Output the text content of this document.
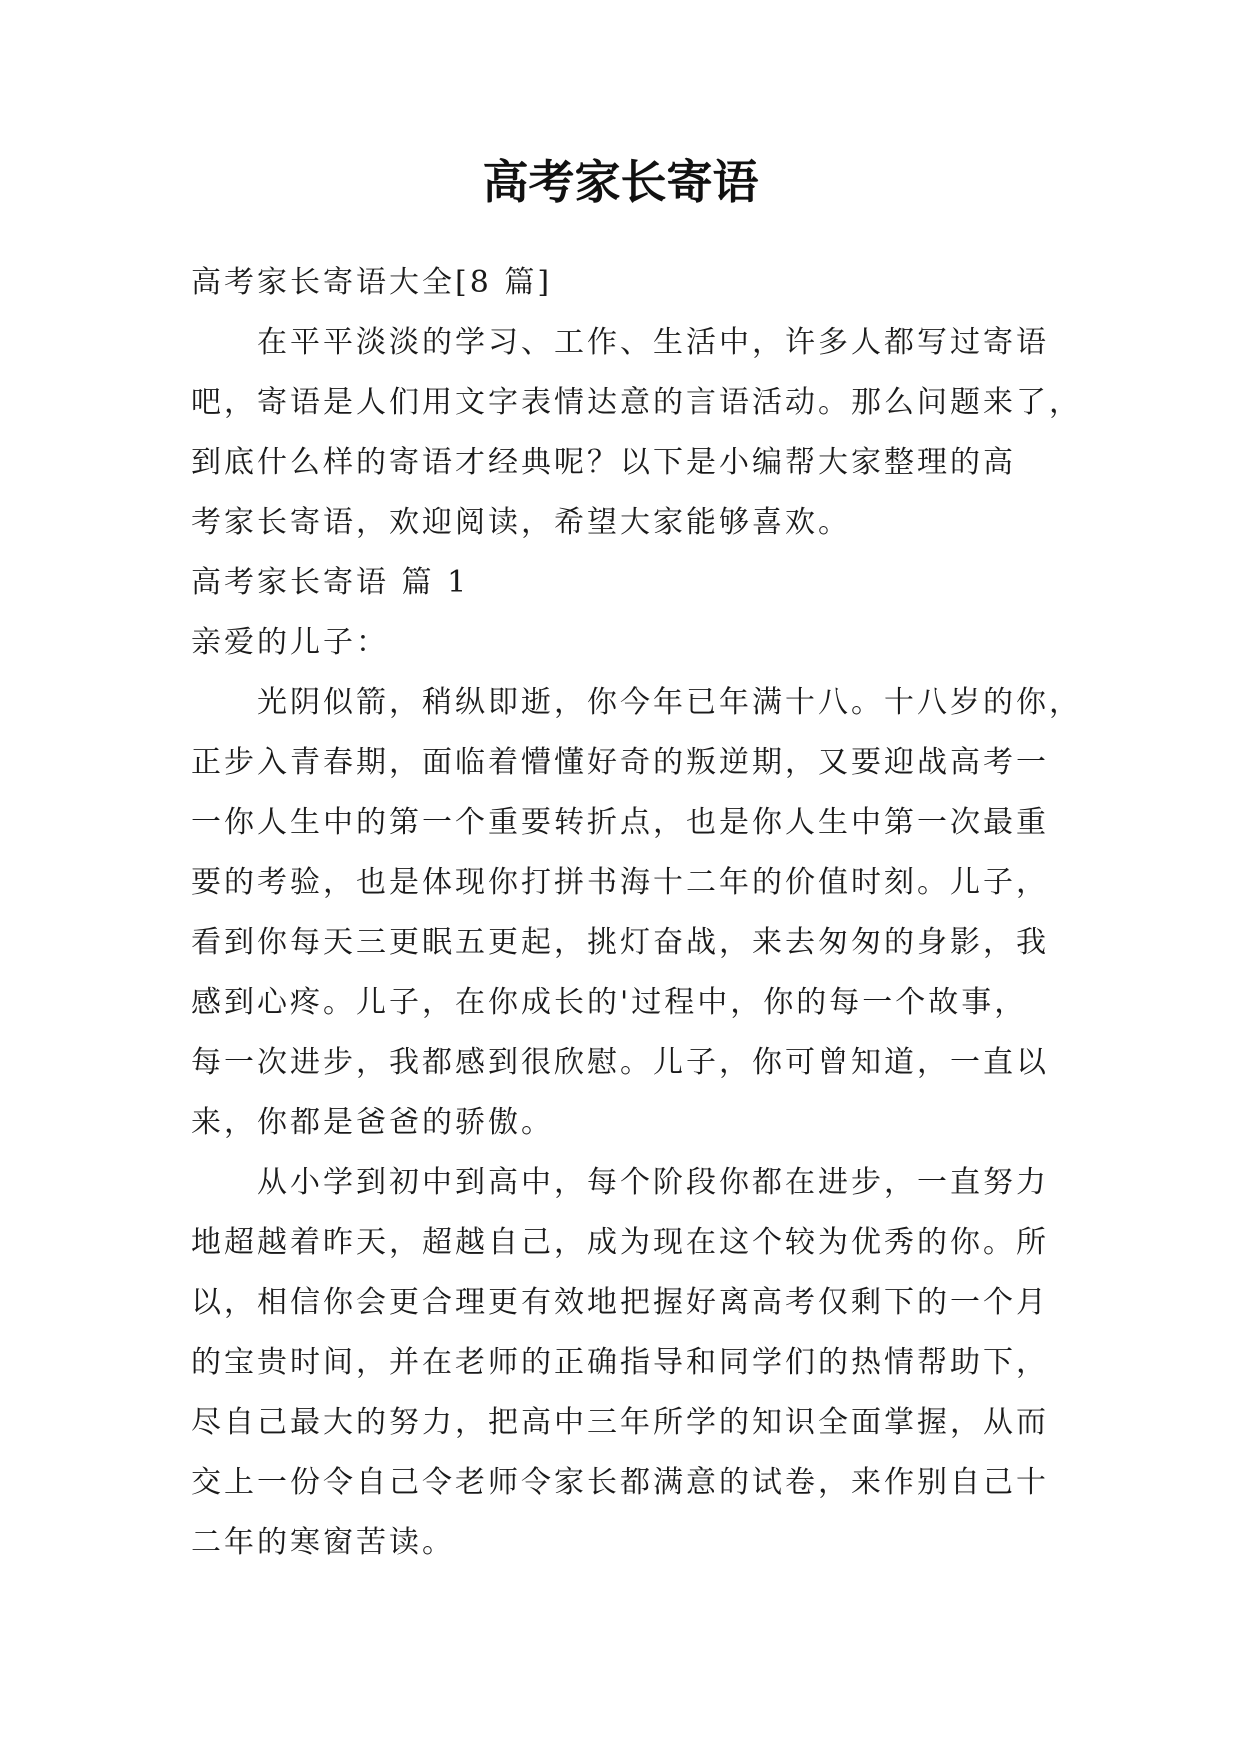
高考家长寄语

高考家长寄语大全[8 篇]

在平平淡淡的学习、工作、生活中，许多人都写过寄语

吧，寄语是人们用文字表情达意的言语活动。那么问题来了，

到底什么样的寄语才经典呢？以下是小编帮大家整理的高

考家长寄语，欢迎阅读，希望大家能够喜欢。

高考家长寄语 篇 1

亲爱的儿子：

光阴似箭，稍纵即逝，你今年已年满十八。十八岁的你，

正步入青春期，面临着懵懂好奇的叛逆期，又要迎战高考一

一你人生中的第一个重要转折点，也是你人生中第一次最重

要的考验，也是体现你打拼书海十二年的价值时刻。儿子，

看到你每天三更眠五更起，挑灯奋战，来去匆匆的身影，我

感到心疼。儿子，在你成长的'过程中，你的每一个故事，

每一次进步，我都感到很欣慰。儿子，你可曾知道，一直以

来，你都是爸爸的骄傲。

从小学到初中到高中，每个阶段你都在进步，一直努力

地超越着昨天，超越自己，成为现在这个较为优秀的你。所

以，相信你会更合理更有效地把握好离高考仅剩下的一个月

的宝贵时间，并在老师的正确指导和同学们的热情帮助下，

尽自己最大的努力，把高中三年所学的知识全面掌握，从而

交上一份令自己令老师令家长都满意的试卷，来作别自己十

二年的寒窗苦读。
